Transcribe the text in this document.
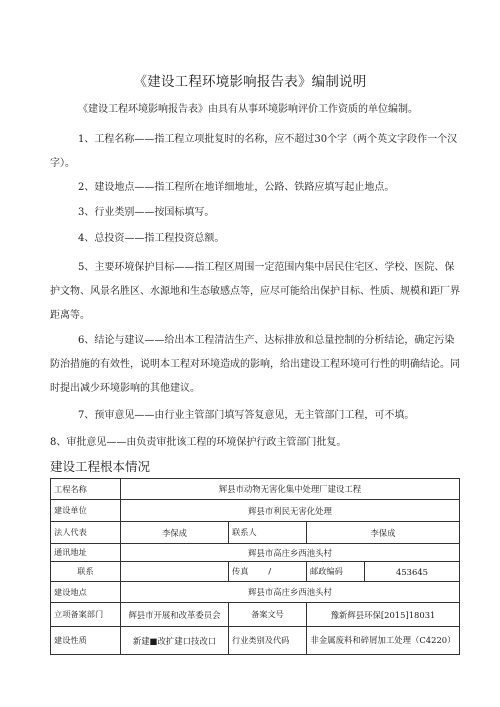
《建设工程环境影响报告表》编制说明
《建设工程环境影响报告表》由具有从事环境影响评价工作资质的单位编制。
1、工程名称——指工程立项批复时的名称，应不超过30个字（两个英文字段作一个汉字）。
2、建设地点——指工程所在地详细地址，公路、铁路应填写起止地点。
3、行业类别——按国标填写。
4、总投资——指工程投资总额。
5、主要环境保护目标——指工程区周围一定范围内集中居民住宅区、学校、医院、保护文物、风景名胜区、水源地和生态敏感点等，应尽可能给出保护目标、性质、规模和距厂界距离等。
6、结论与建议——给出本工程清洁生产、达标排放和总量控制的分析结论，确定污染防治措施的有效性，说明本工程对环境造成的影响，给出建设工程环境可行性的明确结论。同时提出减少环境影响的其他建议。
7、预审意见——由行业主管部门填写答复意见，无主管部门工程，可不填。
8、审批意见——由负责审批该工程的环境保护行政主管部门批复。
建设工程根本情况
工程名称	辉县市动物无害化集中处理厂建设工程			
建设单位	辉县市利民无害化处理			
法人代表	李保成	联系人	李保成	
通讯地址	辉县市高庄乡西池头村			
联系		传真 /	邮政编码	453645
建设地点	辉县市高庄乡西池头村			
立项备案部门	辉县市开展和改革委员会	备案文号	豫新辉县环保[2015]18031	
建设性质	新建■改扩建口技改口	行业类别及代码	非金属废料和碎屑加工处理（C4220）	
